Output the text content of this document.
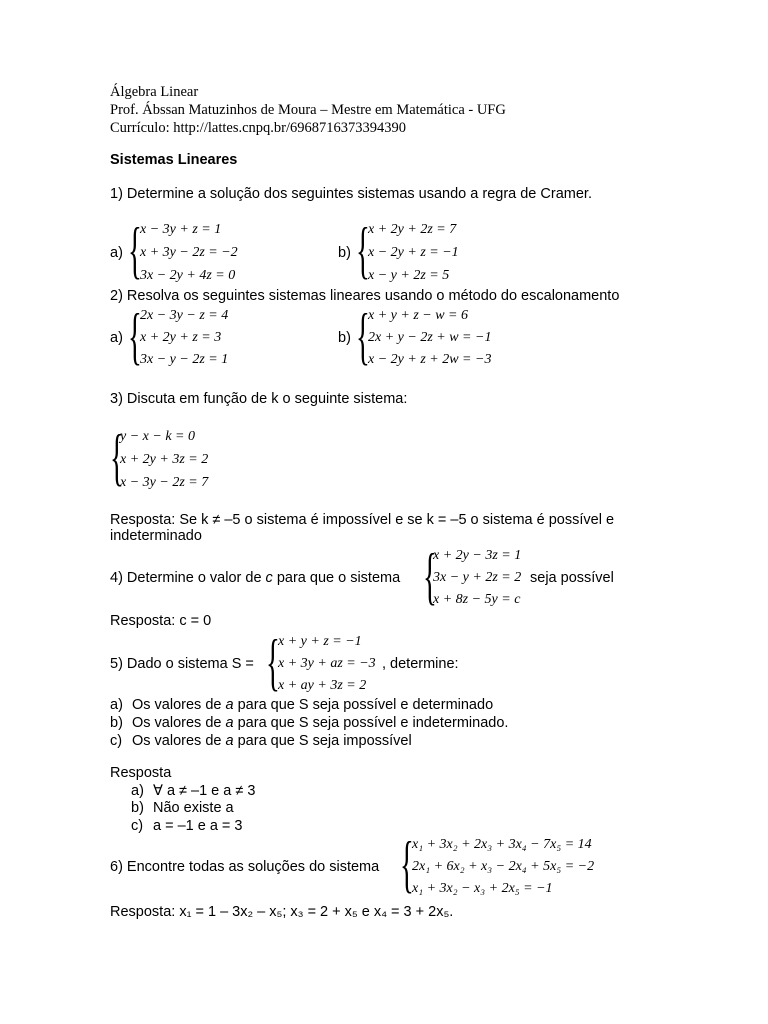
Álgebra Linear
Prof. Ábssan Matuzinhos de Moura – Mestre em Matemática - UFG
Currículo: http://lattes.cnpq.br/6968716373394390
Sistemas Lineares
1) Determine a solução dos seguintes sistemas usando a regra de Cramer.
a) {
x − 3y + z = 1
x + 3y − 2z = −2
3x − 2y + 4z = 0
b) {
x + 2y + 2z = 7
x − 2y + z = −1
x − y + 2z = 5
2) Resolva os seguintes sistemas lineares usando o método do escalonamento
a) {
2x − 3y − z = 4
x + 2y + z = 3
3x − y − 2z = 1
b) {
x + y + z − w = 6
2x + y − 2z + w = −1
x − 2y + z + 2w = −3
3) Discuta em função de k o seguinte sistema:
{
y − x − k = 0
x + 2y + 3z = 2
x − 3y − 2z = 7
Resposta: Se k ≠ –5 o sistema é impossível e se k = –5 o sistema é possível e
indeterminado
4) Determine o valor de c para que o sistema {
x + 2y − 3z = 1
3x − y + 2z = 2
x + 8z − 5y = c
seja possível
Resposta: c = 0
5) Dado o sistema S = {
x + y + z = −1
x + 3y + az = −3
x + ay + 3z = 2
, determine:
a) Os valores de a para que S seja possível e determinado
b) Os valores de a para que S seja possível e indeterminado.
c) Os valores de a para que S seja impossível
Resposta
a) ∀ a ≠ –1 e a ≠ 3
b) Não existe a
c) a = –1 e a = 3
6) Encontre todas as soluções do sistema {
x₁ + 3x₂ + 2x₃ + 3x₄ − 7x₅ = 14
2x₁ + 6x₂ + x₃ − 2x₄ + 5x₅ = −2
x₁ + 3x₂ − x₃ + 2x₅ = −1
Resposta: x₁ = 1 – 3x₂ – x₅; x₃ = 2 + x₅ e x₄ = 3 + 2x₅.
